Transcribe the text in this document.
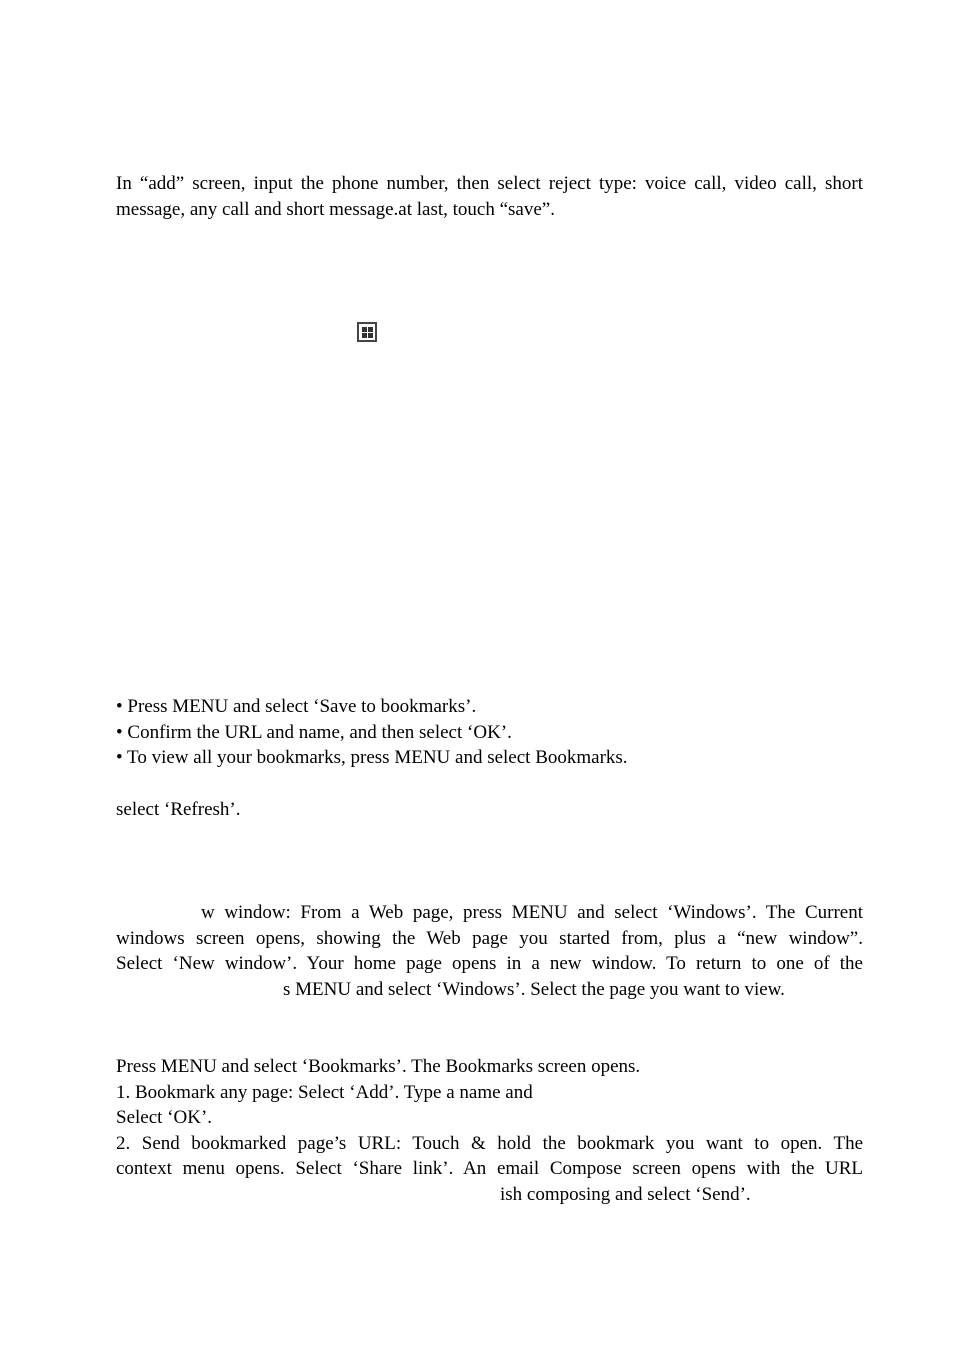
In “add” screen, input the phone number, then select reject type: voice call, video call, short message, any call and short message.at last, touch “save”.

• Press MENU and select ‘Save to bookmarks’.
• Confirm the URL and name, and then select ‘OK’.
• To view all your bookmarks, press MENU and select Bookmarks.
select ‘Refresh’.
w window: From a Web page, press MENU and select ‘Windows’. The Current
windows screen opens, showing the Web page you started from, plus a “new window”.
Select ‘New window’. Your home page opens in a new window. To return to one of the
s MENU and select ‘Windows’. Select the page you want to view.
Press MENU and select ‘Bookmarks’. The Bookmarks screen opens.
1. Bookmark any page: Select ‘Add’. Type a name and
Select ‘OK’.
2. Send bookmarked page’s URL: Touch & hold the bookmark you want to open. The
context menu opens. Select ‘Share link’. An email Compose screen opens with the URL
ish composing and select ‘Send’.
